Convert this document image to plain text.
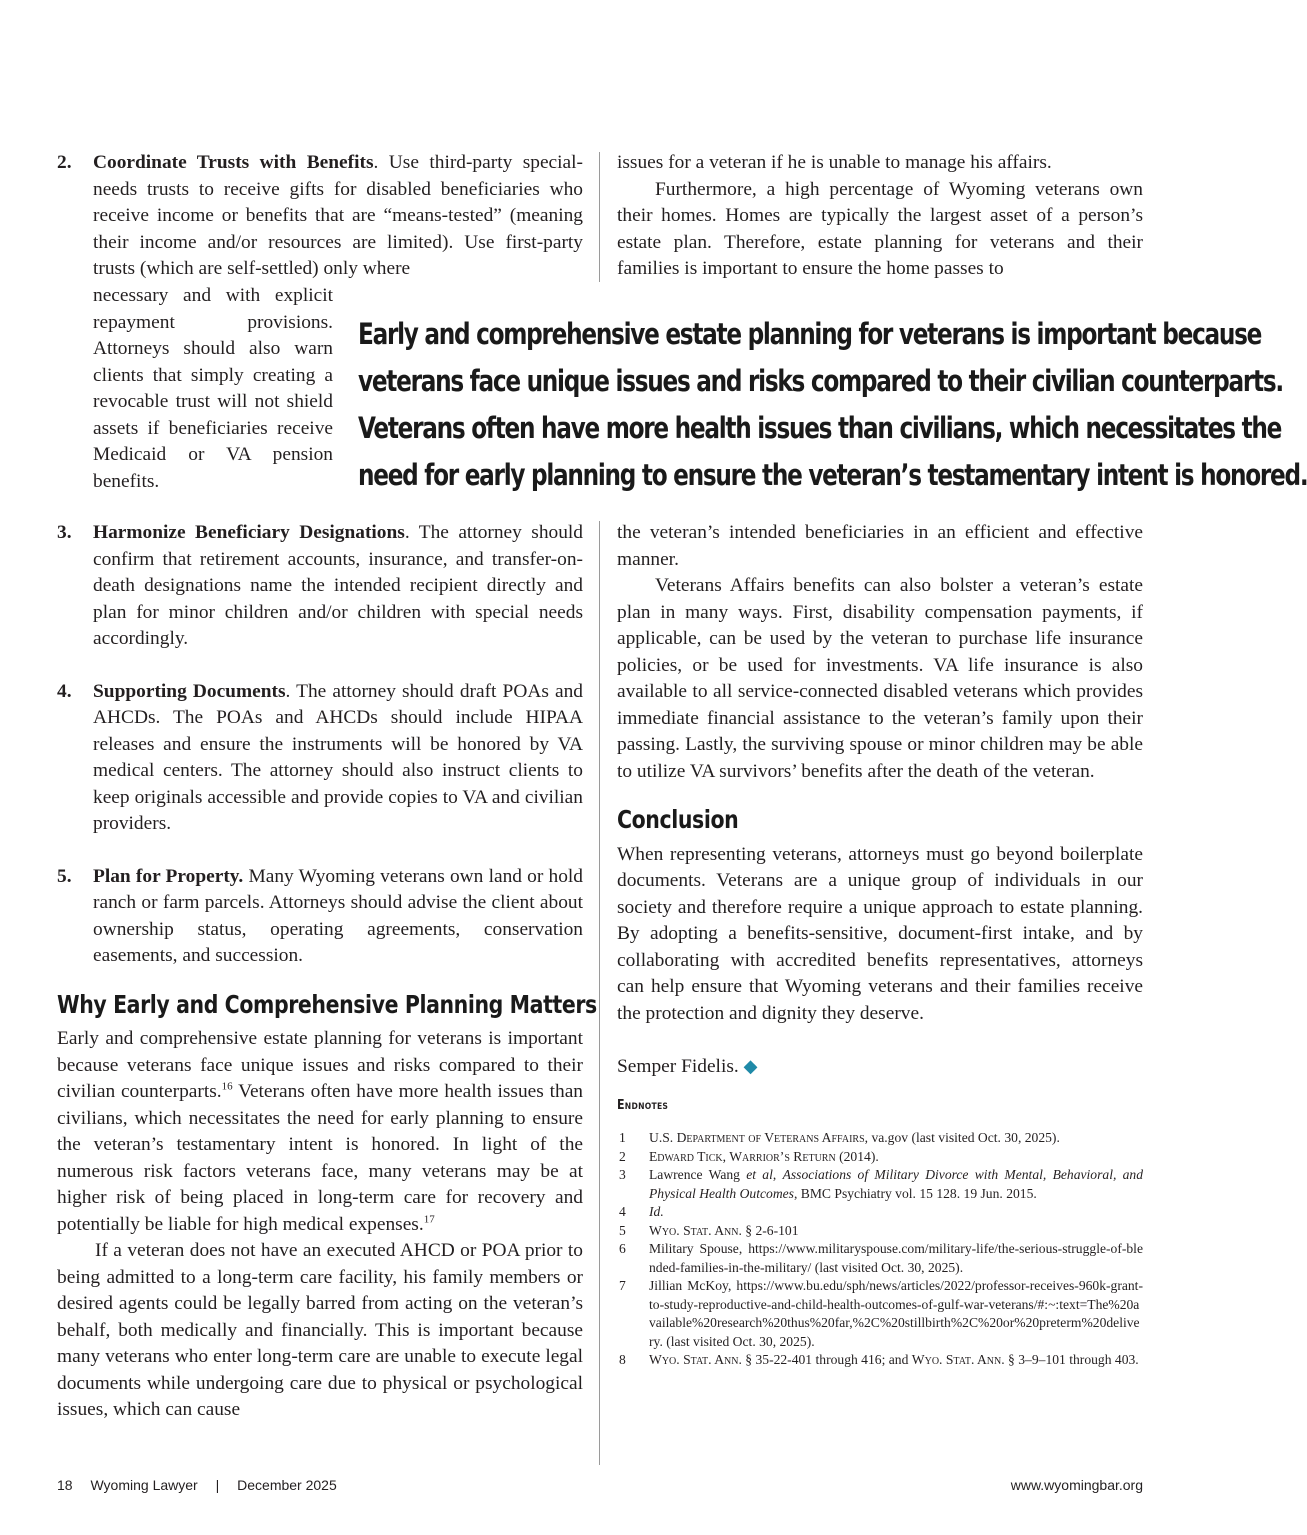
2. Coordinate Trusts with Benefits. Use third-party special-needs trusts to receive gifts for disabled beneficiaries who receive income or benefits that are “means-tested” (meaning their income and/or resources are limited). Use first-party trusts (which are self-settled) only where

necessary and with explicit repayment provisions. Attorneys should also warn clients that simply creating a revocable trust will not shield assets if beneficiaries receive Medicaid or VA pension benefits.

issues for a veteran if he is unable to manage his affairs.

Furthermore, a high percentage of Wyoming veterans own their homes. Homes are typically the largest asset of a person’s estate plan. Therefore, estate planning for veterans and their families is important to ensure the home passes to

Early and comprehensive estate planning for veterans is important because
veterans face unique issues and risks compared to their civilian counterparts.
Veterans often have more health issues than civilians, which necessitates the
need for early planning to ensure the veteran’s testamentary intent is honored.
3. Harmonize Beneficiary Designations. The attorney should confirm that retirement accounts, insurance, and transfer-on-death designations name the intended recipient directly and plan for minor children and/or children with special needs accordingly.

4. Supporting Documents. The attorney should draft POAs and AHCDs. The POAs and AHCDs should include HIPAA releases and ensure the instruments will be honored by VA medical centers. The attorney should also instruct clients to keep originals accessible and provide copies to VA and civilian providers.

5. Plan for Property. Many Wyoming veterans own land or hold ranch or farm parcels. Attorneys should advise the client about ownership status, operating agreements, conservation easements, and succession.

Why Early and Comprehensive Planning Matters

Early and comprehensive estate planning for veterans is important because veterans face unique issues and risks compared to their civilian counterparts.$^{16}$ Veterans often have more health issues than civilians, which necessitates the need for early planning to ensure the veteran’s testamentary intent is honored. In light of the numerous risk factors veterans face, many veterans may be at higher risk of being placed in long-term care for recovery and potentially be liable for high medical expenses.$^{17}$

If a veteran does not have an executed AHCD or POA prior to being admitted to a long-term care facility, his family members or desired agents could be legally barred from acting on the veteran’s behalf, both medically and financially. This is important because many veterans who enter long-term care are unable to execute legal documents while undergoing care due to physical or psychological issues, which can cause

the veteran’s intended beneficiaries in an efficient and effective manner.

Veterans Affairs benefits can also bolster a veteran’s estate plan in many ways. First, disability compensation payments, if applicable, can be used by the veteran to purchase life insurance policies, or be used for investments. VA life insurance is also available to all service-connected disabled veterans which provides immediate financial assistance to the veteran’s family upon their passing. Lastly, the surviving spouse or minor children may be able to utilize VA survivors’ benefits after the death of the veteran.

Conclusion

When representing veterans, attorneys must go beyond boilerplate documents. Veterans are a unique group of individuals in our society and therefore require a unique approach to estate planning. By adopting a benefits-sensitive, document-first intake, and by collaborating with accredited benefits representatives, attorneys can help ensure that Wyoming veterans and their families receive the protection and dignity they deserve.

Semper Fidelis. ◆

Endnotes
1 U.S. Department of Veterans Affairs, va.gov (last visited Oct. 30, 2025).
2 Edward Tick, Warrior’s Return (2014).
3 Lawrence Wang et al, Associations of Military Divorce with Mental, Behavioral, and Physical Health Outcomes, BMC Psychiatry vol. 15 128. 19 Jun. 2015.
4 Id.
5 Wyo. Stat. Ann. § 2-6-101
6 Military Spouse, https://www.militaryspouse.com/military-life/the-serious-struggle-of-blended-families-in-the-military/ (last visited Oct. 30, 2025).
7 Jillian McKoy, https://www.bu.edu/sph/news/articles/2022/professor-receives-960k-grant-to-study-reproductive-and-child-health-outcomes-of-gulf-war-veterans/#:~:text=The%20available%20research%20thus%20far,%2C%20stillbirth%2C%20or%20preterm%20delivery. (last visited Oct. 30, 2025).
8 Wyo. Stat. Ann. § 35-22-401 through 416; and Wyo. Stat. Ann. § 3–9–101 through 403.
18 Wyoming Lawyer | December 2025	www.wyomingbar.org
